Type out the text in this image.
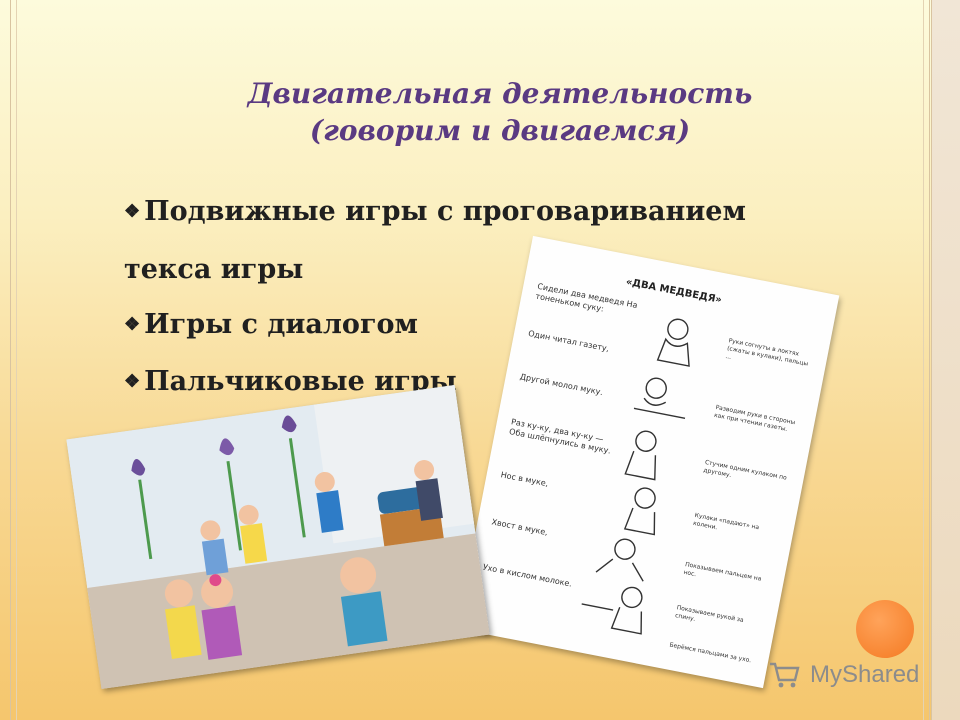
Двигательная деятельность
(говорим и двигаемся)
❖ Подвижные игры с проговариванием
текса игры
❖ Игры с диалогом
❖ Пальчиковые игры
«ДВА МЕДВЕДЯ»
Сидели два медведя На тоненьком суку:
Руки согнуты в локтях (сжаты в кулаки), пальцы ...
Один читал газету,
Разводим руки в стороны как при чтении газеты.
Другой молол муку.
Раз ку-ку, два ку-ку — Оба шлёпнулись в муку.
Стучим одним кулаком по другому.
Нос в муке,
Кулаки «падают» на колени.
Хвост в муке,
Показываем пальцем на нос.
Ухо в кислом молоке.
Показываем рукой за спину.
Берёмся пальцами за ухо.
MyShared
